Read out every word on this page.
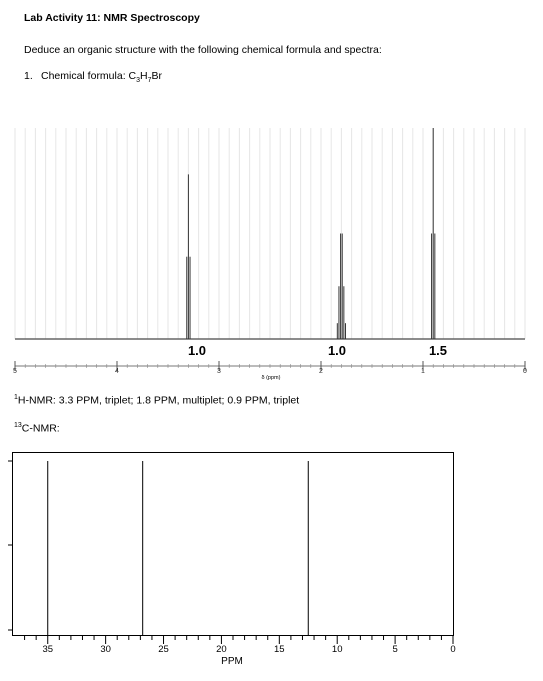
Lab Activity 11: NMR Spectroscopy
Deduce an organic structure with the following chemical formula and spectra:
1. Chemical formula: $C_3H_7Br$
5	4	3	2	1	0
1.0	1.0	1.5
δ (ppm)
$^1$H-NMR: 3.3 PPM, triplet; 1.8 PPM, multiplet; 0.9 PPM, triplet
$^{13}$C-NMR:
35	30	25	20	15	10	5	0
PPM
